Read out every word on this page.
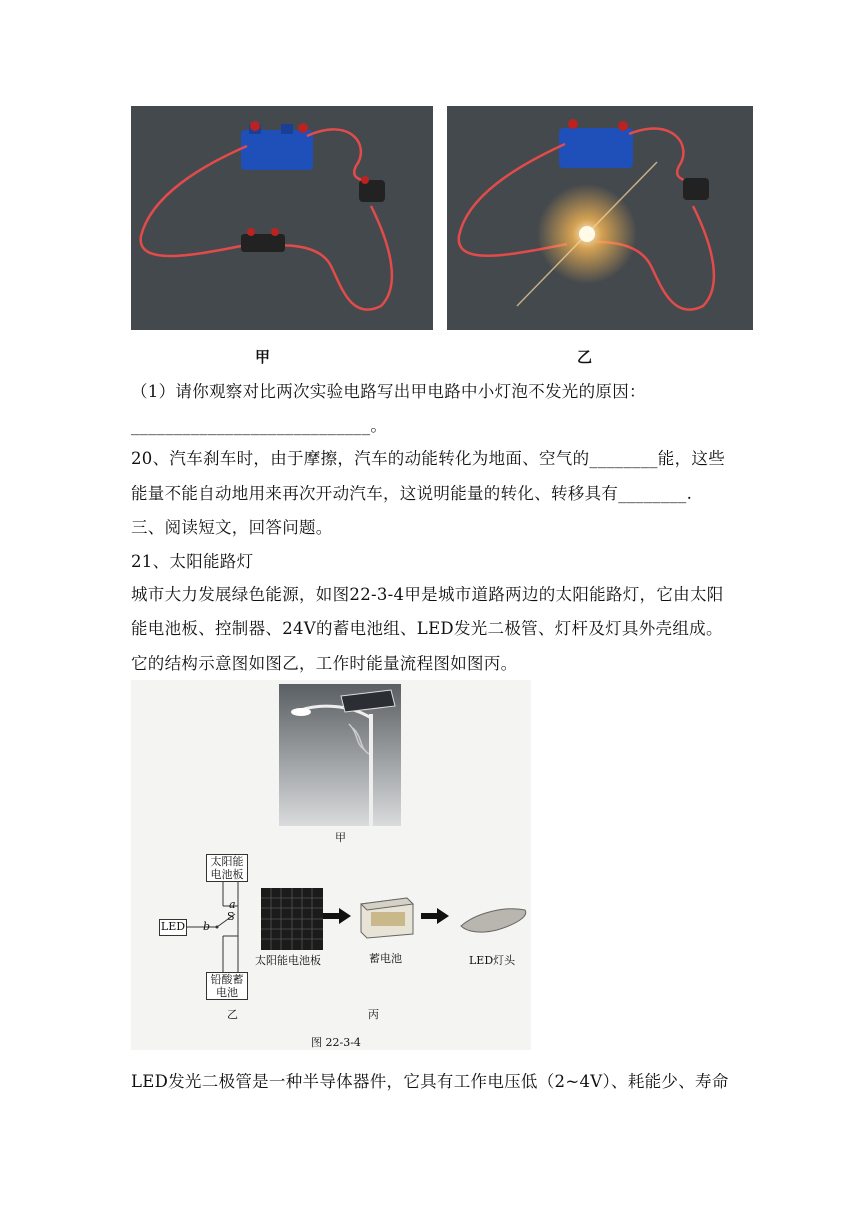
甲	乙
（1）请你观察对比两次实验电路写出甲电路中小灯泡不发光的原因：
____________________________。
20、汽车刹车时，由于摩擦，汽车的动能转化为地面、空气的________能，这些
能量不能自动地用来再次开动汽车，这说明能量的转化、转移具有________.
三、阅读短文，回答问题。
21、太阳能路灯
城市大力发展绿色能源，如图22-3-4甲是城市道路两边的太阳能路灯，它由太阳
能电池板、控制器、24V的蓄电池组、LED发光二极管、灯杆及灯具外壳组成。
它的结构示意图如图乙，工作时能量流程图如图丙。
甲
太阳能
电池板
铅酸蓄
电池
LED
a
b
S
乙
太阳能电池板	蓄电池	LED灯头
丙
图 22-3-4
LED发光二极管是一种半导体器件，它具有工作电压低（2~4V）、耗能少、寿命
